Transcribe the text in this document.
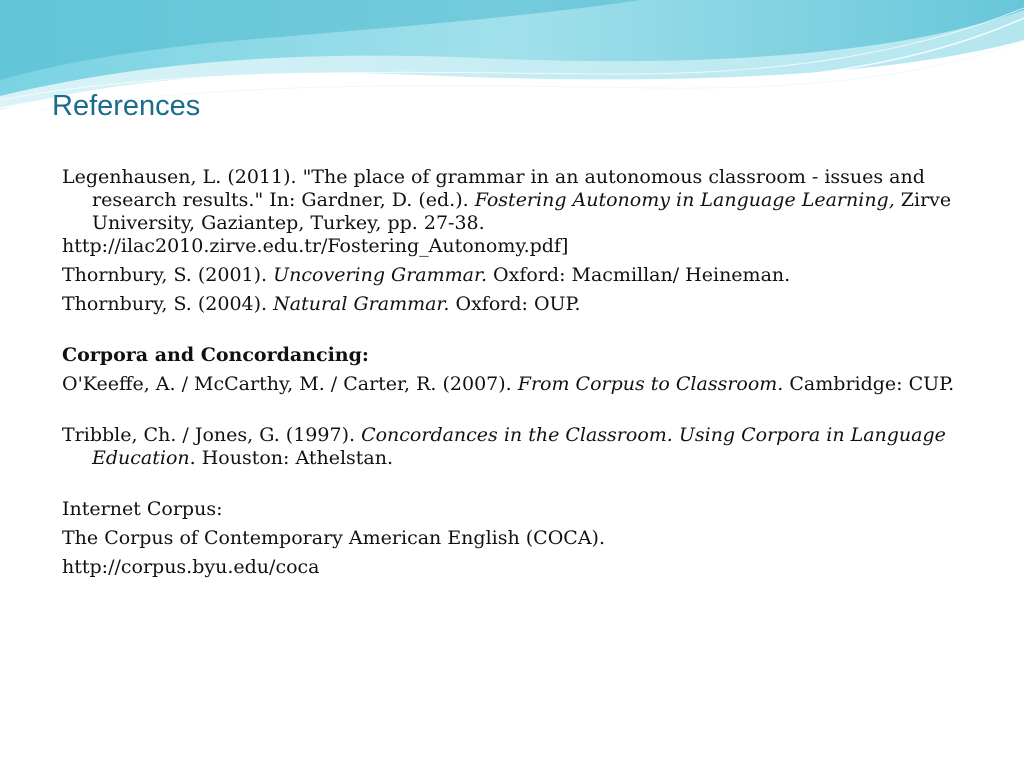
References

Legenhausen, L. (2011). "The place of grammar in an autonomous classroom - issues and research results." In: Gardner, D. (ed.). Fostering Autonomy in Language Learning, Zirve University, Gaziantep, Turkey, pp. 27-38.
http://ilac2010.zirve.edu.tr/Fostering_Autonomy.pdf]

Thornbury, S. (2001). Uncovering Grammar. Oxford: Macmillan/ Heineman.

Thornbury, S. (2004). Natural Grammar. Oxford: OUP.

Corpora and Concordancing:

O'Keeffe, A. / McCarthy, M. / Carter, R. (2007). From Corpus to Classroom. Cambridge: CUP.

Tribble, Ch. / Jones, G. (1997). Concordances in the Classroom. Using Corpora in Language Education. Houston: Athelstan.

Internet Corpus:

The Corpus of Contemporary American English (COCA).

http://corpus.byu.edu/coca
